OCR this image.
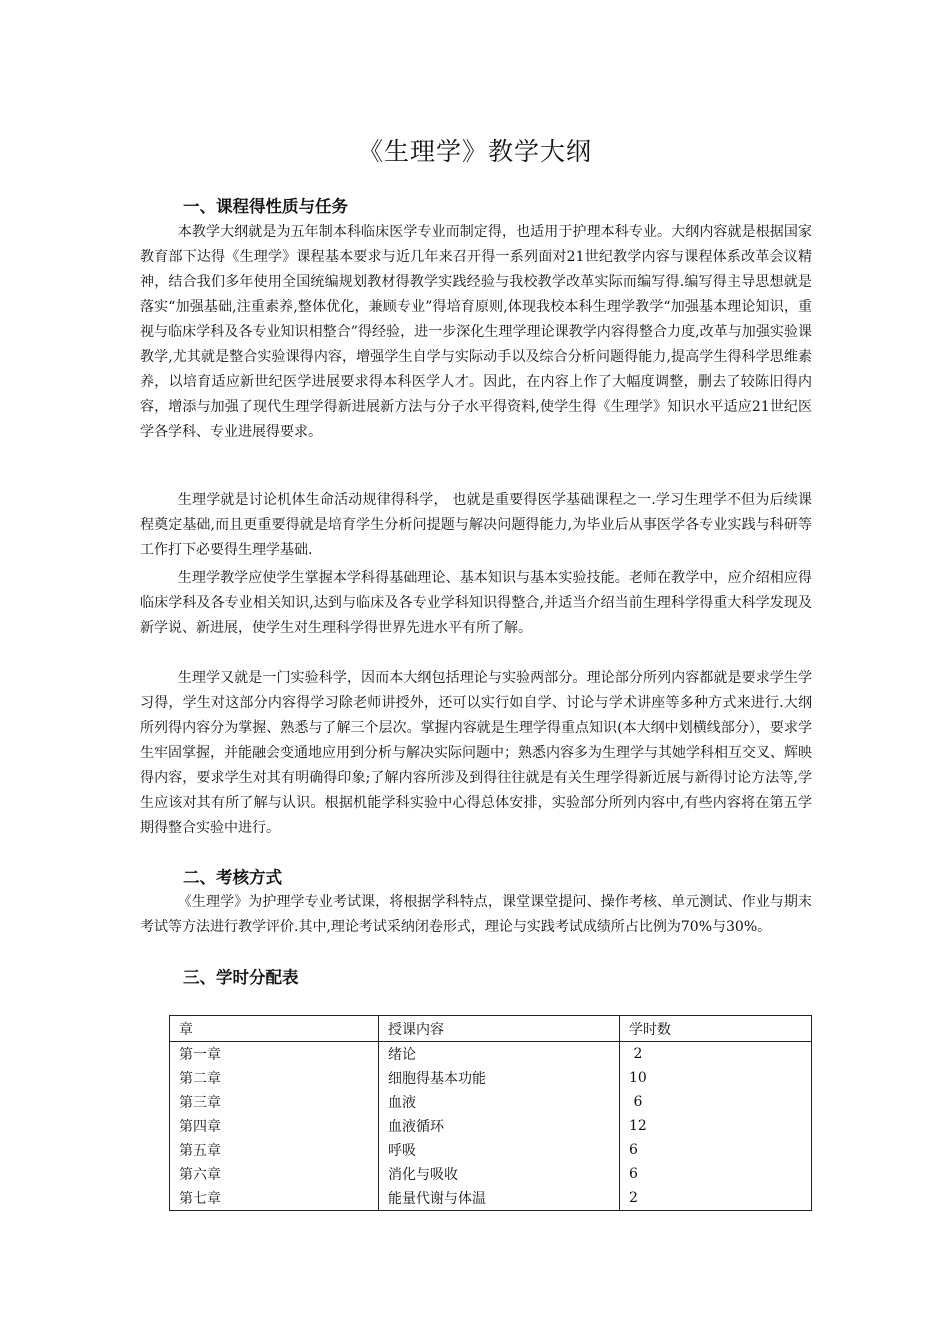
《生理学》教学大纲
一、课程得性质与任务

本教学大纲就是为五年制本科临床医学专业而制定得，也适用于护理本科专业。大纲内容就是根据国家教育部下达得《生理学》课程基本要求与近几年来召开得一系列面对21世纪教学内容与课程体系改革会议精神，结合我们多年使用全国统编规划教材得教学实践经验与我校教学改革实际而编写得.编写得主导思想就是落实“加强基础,注重素养,整体优化，兼顾专业”得培育原则,体现我校本科生理学教学“加强基本理论知识，重视与临床学科及各专业知识相整合”得经验，进一步深化生理学理论课教学内容得整合力度,改革与加强实验课教学,尤其就是整合实验课得内容，增强学生自学与实际动手以及综合分析问题得能力,提高学生得科学思维素养，以培育适应新世纪医学进展要求得本科医学人才。因此，在内容上作了大幅度调整，删去了较陈旧得内容，增添与加强了现代生理学得新进展新方法与分子水平得资料,使学生得《生理学》知识水平适应21世纪医学各学科、专业进展得要求。

生理学就是讨论机体生命活动规律得科学， 也就是重要得医学基础课程之一.学习生理学不但为后续课程奠定基础,而且更重要得就是培育学生分析问提题与解决问题得能力,为毕业后从事医学各专业实践与科研等工作打下必要得生理学基础.

生理学教学应使学生掌握本学科得基础理论、基本知识与基本实验技能。老师在教学中，应介绍相应得临床学科及各专业相关知识,达到与临床及各专业学科知识得整合,并适当介绍当前生理科学得重大科学发现及新学说、新进展，使学生对生理科学得世界先进水平有所了解。

生理学又就是一门实验科学，因而本大纲包括理论与实验两部分。理论部分所列内容都就是要求学生学习得，学生对这部分内容得学习除老师讲授外，还可以实行如自学、讨论与学术讲座等多种方式来进行.大纲所列得内容分为掌握、熟悉与了解三个层次。掌握内容就是生理学得重点知识(本大纲中划横线部分），要求学生牢固掌握，并能融会变通地应用到分析与解决实际问题中；熟悉内容多为生理学与其她学科相互交叉、辉映得内容，要求学生对其有明确得印象;了解内容所涉及到得往往就是有关生理学得新近展与新得讨论方法等,学生应该对其有所了解与认识。根据机能学科实验中心得总体安排，实验部分所列内容中,有些内容将在第五学期得整合实验中进行。

二、考核方式

《生理学》为护理学专业考试课，将根据学科特点，课堂课堂提问、操作考核、单元测试、作业与期末考试等方法进行教学评价.其中,理论考试采纳闭卷形式，理论与实践考试成绩所占比例为70%与30%。

三、学时分配表
章	授课内容	学时数
第一章	绪论	2
第二章	细胞得基本功能	10
第三章	血液	6
第四章	血液循环	12
第五章	呼吸	6
第六章	消化与吸收	6
第七章	能量代谢与体温	2
